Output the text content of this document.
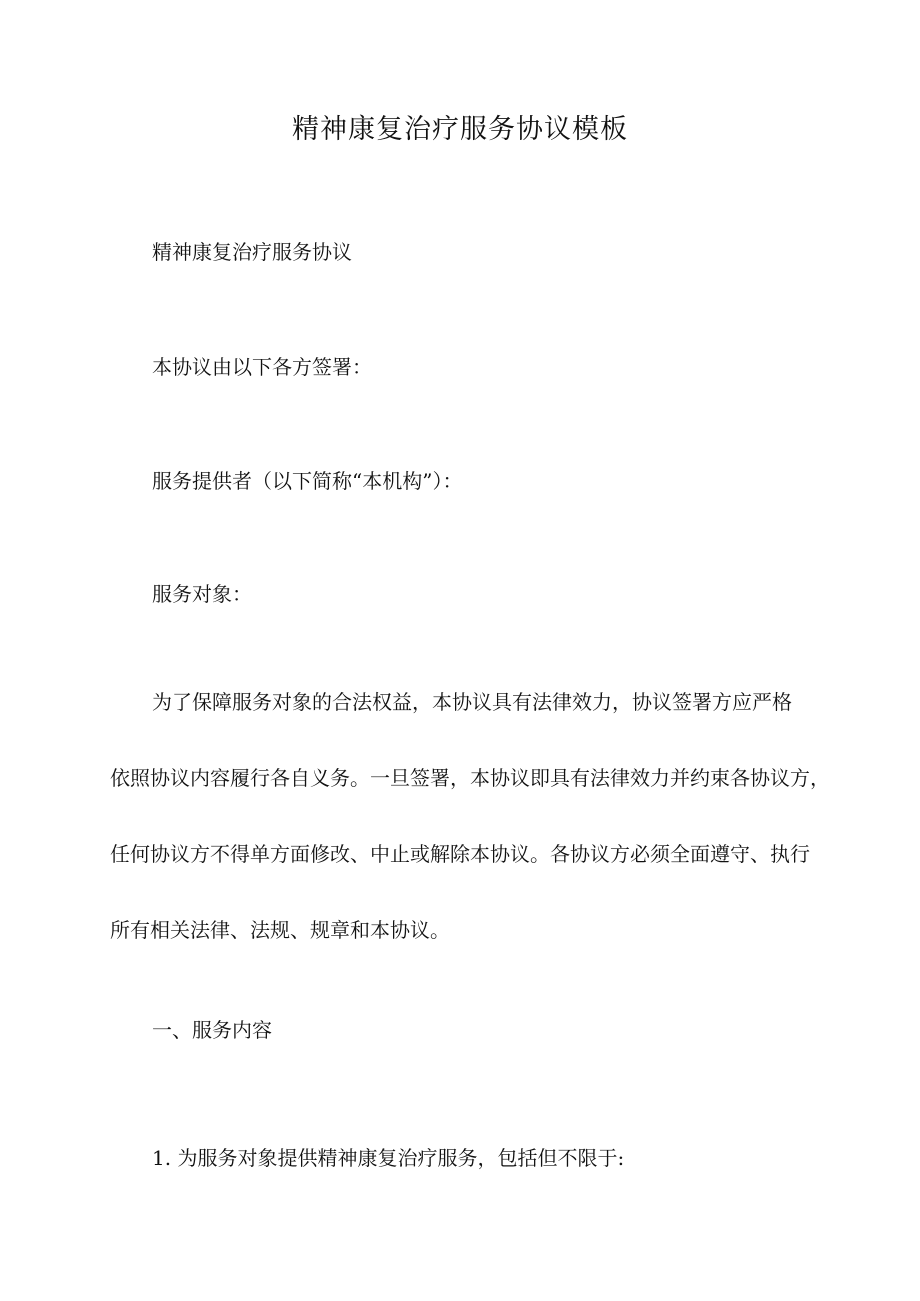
精神康复治疗服务协议模板

精神康复治疗服务协议

本协议由以下各方签署：

服务提供者（以下简称“本机构”）：

服务对象：

为了保障服务对象的合法权益，本协议具有法律效力，协议签署方应严格
依照协议内容履行各自义务。一旦签署，本协议即具有法律效力并约束各协议方，
任何协议方不得单方面修改、中止或解除本协议。各协议方必须全面遵守、执行
所有相关法律、法规、规章和本协议。

一、服务内容

1. 为服务对象提供精神康复治疗服务，包括但不限于:
